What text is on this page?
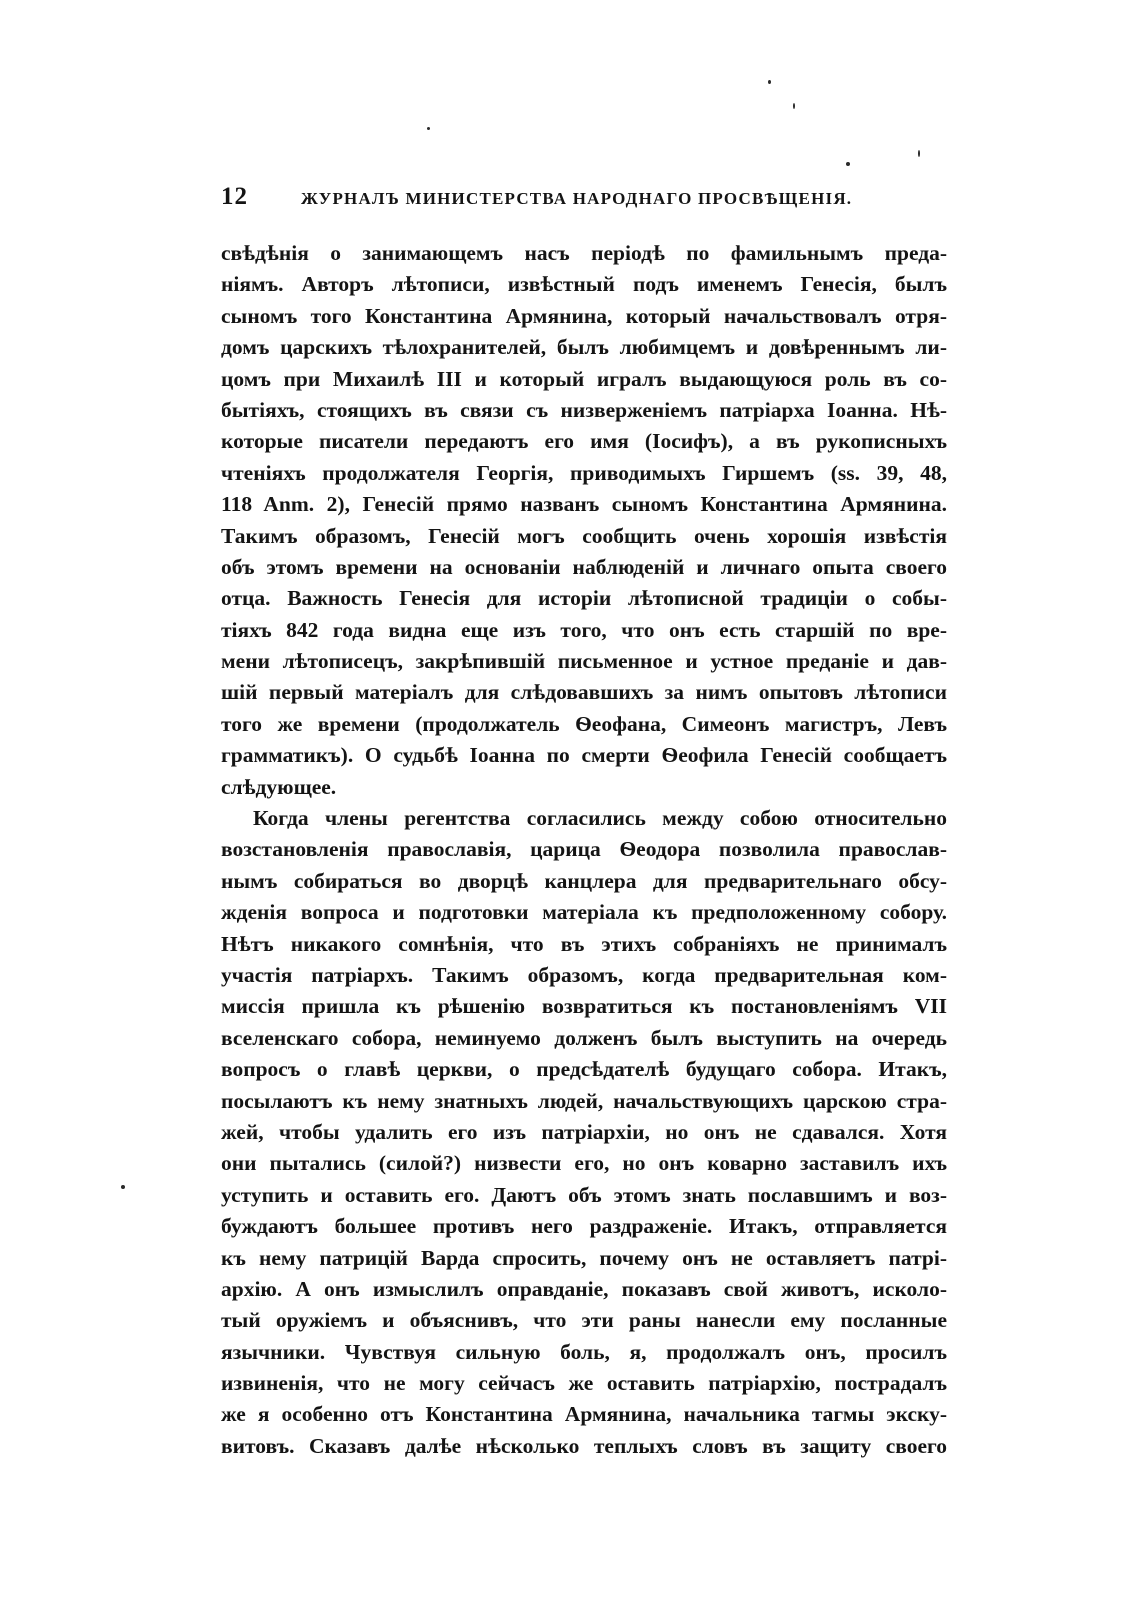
12	ЖУРНАЛЪ МИНИСТЕРСТВА НАРОДНАГО ПРОСВѢЩЕНІЯ.
свѣдѣнія о занимающемъ насъ періодѣ по фамильнымъ преда-
ніямъ. Авторъ лѣтописи, извѣстный подъ именемъ Генесія, былъ
сыномъ того Константина Армянина, который начальствовалъ отря-
домъ царскихъ тѣлохранителей, былъ любимцемъ и довѣреннымъ ли-
цомъ при Михаилѣ III и который игралъ выдающуюся роль въ со-
бытіяхъ, стоящихъ въ связи съ низверженіемъ патріарха Іоанна. Нѣ-
которые писатели передаютъ его имя (Іосифъ), а въ рукописныхъ
чтеніяхъ продолжателя Георгія, приводимыхъ Гиршемъ (ss. 39, 48,
118 Anm. 2), Генесій прямо названъ сыномъ Константина Армянина.
Такимъ образомъ, Генесій могъ сообщить очень хорошія извѣстія
объ этомъ времени на основаніи наблюденій и личнаго опыта своего
отца. Важность Генесія для исторіи лѣтописной традиціи о собы-
тіяхъ 842 года видна еще изъ того, что онъ есть старшій по вре-
мени лѣтописецъ, закрѣпившій письменное и устное преданіе и дав-
шій первый матеріалъ для слѣдовавшихъ за нимъ опытовъ лѣтописи
того же времени (продолжатель Ѳеофана, Симеонъ магистръ, Левъ
грамматикъ). О судьбѣ Іоанна по смерти Ѳеофила Генесій сообщаетъ
слѣдующее.
Когда члены регентства согласились между собою относительно
возстановленія православія, царица Ѳеодора позволила православ-
нымъ собираться во дворцѣ канцлера для предварительнаго обсу-
жденія вопроса и подготовки матеріала къ предположенному собору.
Нѣтъ никакого сомнѣнія, что въ этихъ собраніяхъ не принималъ
участія патріархъ. Такимъ образомъ, когда предварительная ком-
миссія пришла къ рѣшенію возвратиться къ постановленіямъ VII
вселенскаго собора, неминуемо долженъ былъ выступить на очередь
вопросъ о главѣ церкви, о предсѣдателѣ будущаго собора. Итакъ,
посылаютъ къ нему знатныхъ людей, начальствующихъ царскою стра-
жей, чтобы удалить его изъ патріархіи, но онъ не сдавался. Хотя
они пытались (силой?) низвести его, но онъ коварно заставилъ ихъ
уступить и оставить его. Даютъ объ этомъ знать пославшимъ и воз-
буждаютъ большее противъ него раздраженіе. Итакъ, отправляется
къ нему патрицій Варда спросить, почему онъ не оставляетъ патрі-
архію. А онъ измыслилъ оправданіе, показавъ свой животъ, исколо-
тый оружіемъ и объяснивъ, что эти раны нанесли ему посланные
язычники. Чувствуя сильную боль, я, продолжалъ онъ, просилъ
извиненія, что не могу сейчасъ же оставить патріархію, пострадалъ
же я особенно отъ Константина Армянина, начальника тагмы экску-
витовъ. Сказавъ далѣе нѣсколько теплыхъ словъ въ защиту своего
